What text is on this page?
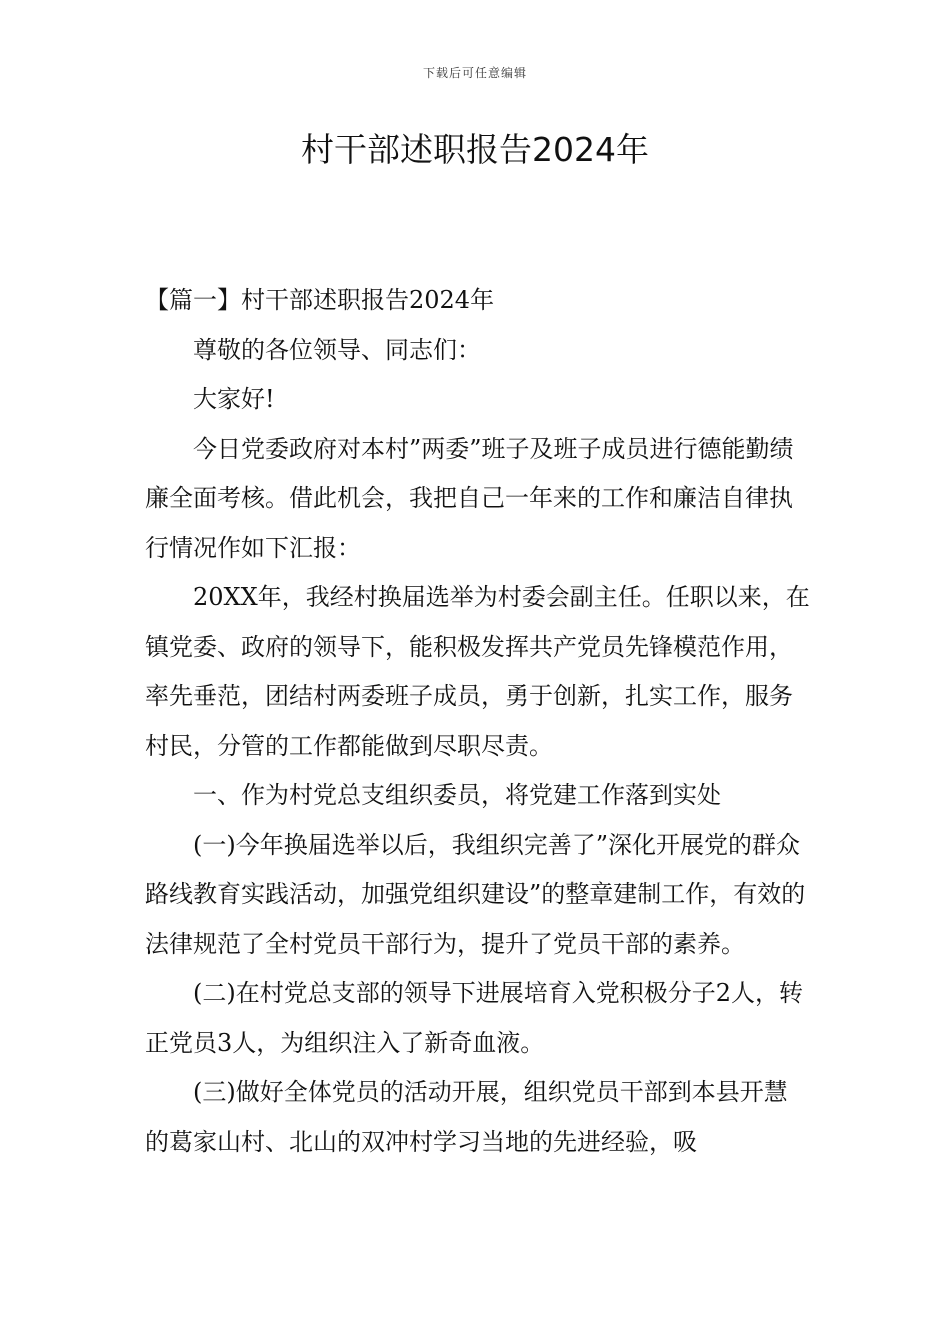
下载后可任意编辑
村干部述职报告2024年

【篇一】村干部述职报告2024年

尊敬的各位领导、同志们：

大家好!

今日党委政府对本村”两委”班子及班子成员进行德能勤绩廉全面考核。借此机会，我把自己一年来的工作和廉洁自律执行情况作如下汇报：

20XX年，我经村换届选举为村委会副主任。任职以来，在镇党委、政府的领导下，能积极发挥共产党员先锋模范作用，率先垂范，团结村两委班子成员，勇于创新，扎实工作，服务村民，分管的工作都能做到尽职尽责。

一、作为村党总支组织委员，将党建工作落到实处

(一)今年换届选举以后，我组织完善了”深化开展党的群众路线教育实践活动，加强党组织建设”的整章建制工作，有效的法律规范了全村党员干部行为，提升了党员干部的素养。

(二)在村党总支部的领导下进展培育入党积极分子2人，转正党员3人，为组织注入了新奇血液。

(三)做好全体党员的活动开展，组织党员干部到本县开慧的葛家山村、北山的双冲村学习当地的先进经验，吸
